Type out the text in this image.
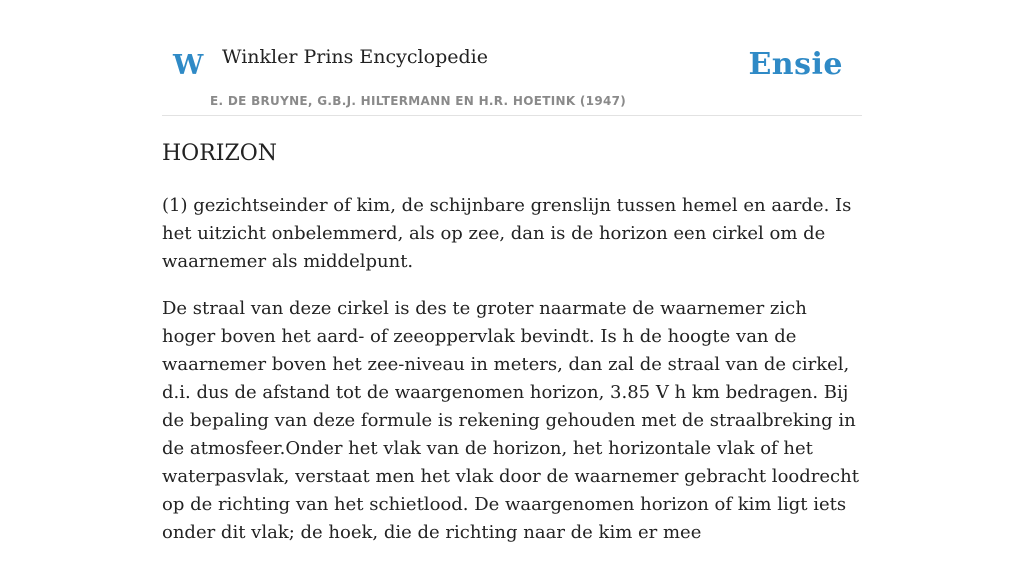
W Winkler Prins Encyclopedie
E. DE BRUYNE, G.B.J. HILTERMANN EN H.R. HOETINK (1947)
Ensie
HORIZON

(1) gezichtseinder of kim, de schijnbare grenslijn tussen hemel en aarde. Is het uitzicht onbelemmerd, als op zee, dan is de horizon een cirkel om de waarnemer als middelpunt.

De straal van deze cirkel is des te groter naarmate de waarnemer zich hoger boven het aard- of zeeoppervlak bevindt. Is h de hoogte van de waarnemer boven het zee-niveau in meters, dan zal de straal van de cirkel, d.i. dus de afstand tot de waargenomen horizon, 3.85 V h km bedragen. Bij de bepaling van deze formule is rekening gehouden met de straalbreking in de atmosfeer.Onder het vlak van de horizon, het horizontale vlak of het waterpasvlak, verstaat men het vlak door de waarnemer gebracht loodrecht op de richting van het schietlood. De waargenomen horizon of kim ligt iets onder dit vlak; de hoek, die de richting naar de kim er mee
